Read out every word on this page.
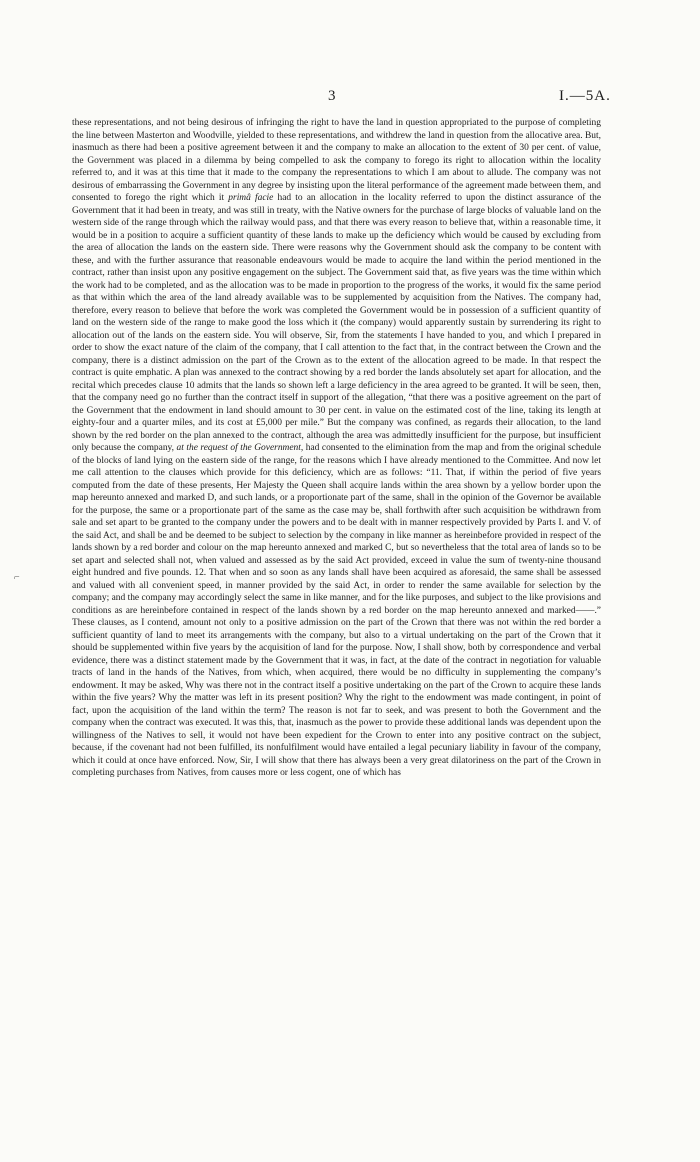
3	I.—5A.
⌐
these representations, and not being desirous of infringing the right to have the land in question appropriated to the purpose of completing the line between Masterton and Woodville, yielded to these representations, and withdrew the land in question from the allocative area. But, inasmuch as there had been a positive agreement between it and the company to make an allocation to the extent of 30 per cent. of value, the Government was placed in a dilemma by being compelled to ask the company to forego its right to allocation within the locality referred to, and it was at this time that it made to the company the representations to which I am about to allude. The company was not desirous of embarrassing the Government in any degree by insisting upon the literal performance of the agreement made between them, and consented to forego the right which it primâ facie had to an allocation in the locality referred to upon the distinct assurance of the Government that it had been in treaty, and was still in treaty, with the Native owners for the purchase of large blocks of valuable land on the western side of the range through which the railway would pass, and that there was every reason to believe that, within a reasonable time, it would be in a position to acquire a sufficient quantity of these lands to make up the deficiency which would be caused by excluding from the area of allocation the lands on the eastern side. There were reasons why the Government should ask the company to be content with these, and with the further assurance that reasonable endeavours would be made to acquire the land within the period mentioned in the contract, rather than insist upon any positive engagement on the subject. The Government said that, as five years was the time within which the work had to be completed, and as the allocation was to be made in proportion to the progress of the works, it would fix the same period as that within which the area of the land already available was to be supplemented by acquisition from the Natives. The company had, therefore, every reason to believe that before the work was completed the Government would be in possession of a sufficient quantity of land on the western side of the range to make good the loss which it (the company) would apparently sustain by surrendering its right to allocation out of the lands on the eastern side. You will observe, Sir, from the statements I have handed to you, and which I prepared in order to show the exact nature of the claim of the company, that I call attention to the fact that, in the contract between the Crown and the company, there is a distinct admission on the part of the Crown as to the extent of the allocation agreed to be made. In that respect the contract is quite emphatic. A plan was annexed to the contract showing by a red border the lands absolutely set apart for allocation, and the recital which precedes clause 10 admits that the lands so shown left a large deficiency in the area agreed to be granted. It will be seen, then, that the company need go no further than the contract itself in support of the allegation, “that there was a positive agreement on the part of the Government that the endowment in land should amount to 30 per cent. in value on the estimated cost of the line, taking its length at eighty-four and a quarter miles, and its cost at £5,000 per mile.” But the company was confined, as regards their allocation, to the land shown by the red border on the plan annexed to the contract, although the area was admittedly insufficient for the purpose, but insufficient only because the company, at the request of the Government, had consented to the elimination from the map and from the original schedule of the blocks of land lying on the eastern side of the range, for the reasons which I have already mentioned to the Committee. And now let me call attention to the clauses which provide for this deficiency, which are as follows: “11. That, if within the period of five years computed from the date of these presents, Her Majesty the Queen shall acquire lands within the area shown by a yellow border upon the map hereunto annexed and marked D, and such lands, or a proportionate part of the same, shall in the opinion of the Governor be available for the purpose, the same or a proportionate part of the same as the case may be, shall forthwith after such acquisition be withdrawn from sale and set apart to be granted to the company under the powers and to be dealt with in manner respectively provided by Parts I. and V. of the said Act, and shall be and be deemed to be subject to selection by the company in like manner as hereinbefore provided in respect of the lands shown by a red border and colour on the map hereunto annexed and marked C, but so nevertheless that the total area of lands so to be set apart and selected shall not, when valued and assessed as by the said Act provided, exceed in value the sum of twenty-nine thousand eight hundred and five pounds. 12. That when and so soon as any lands shall have been acquired as aforesaid, the same shall be assessed and valued with all convenient speed, in manner provided by the said Act, in order to render the same available for selection by the company; and the company may accordingly select the same in like manner, and for the like purposes, and subject to the like provisions and conditions as are hereinbefore contained in respect of the lands shown by a red border on the map hereunto annexed and marked——.” These clauses, as I contend, amount not only to a positive admission on the part of the Crown that there was not within the red border a sufficient quantity of land to meet its arrangements with the company, but also to a virtual undertaking on the part of the Crown that it should be supplemented within five years by the acquisition of land for the purpose. Now, I shall show, both by correspondence and verbal evidence, there was a distinct statement made by the Government that it was, in fact, at the date of the contract in negotiation for valuable tracts of land in the hands of the Natives, from which, when acquired, there would be no difficulty in supplementing the company’s endowment. It may be asked, Why was there not in the contract itself a positive undertaking on the part of the Crown to acquire these lands within the five years? Why the matter was left in its present position? Why the right to the endowment was made contingent, in point of fact, upon the acquisition of the land within the term? The reason is not far to seek, and was present to both the Government and the company when the contract was executed. It was this, that, inasmuch as the power to provide these additional lands was dependent upon the willingness of the Natives to sell, it would not have been expedient for the Crown to enter into any positive contract on the subject, because, if the covenant had not been fulfilled, its nonfulfilment would have entailed a legal pecuniary liability in favour of the company, which it could at once have enforced. Now, Sir, I will show that there has always been a very great dilatoriness on the part of the Crown in completing purchases from Natives, from causes more or less cogent, one of which has
